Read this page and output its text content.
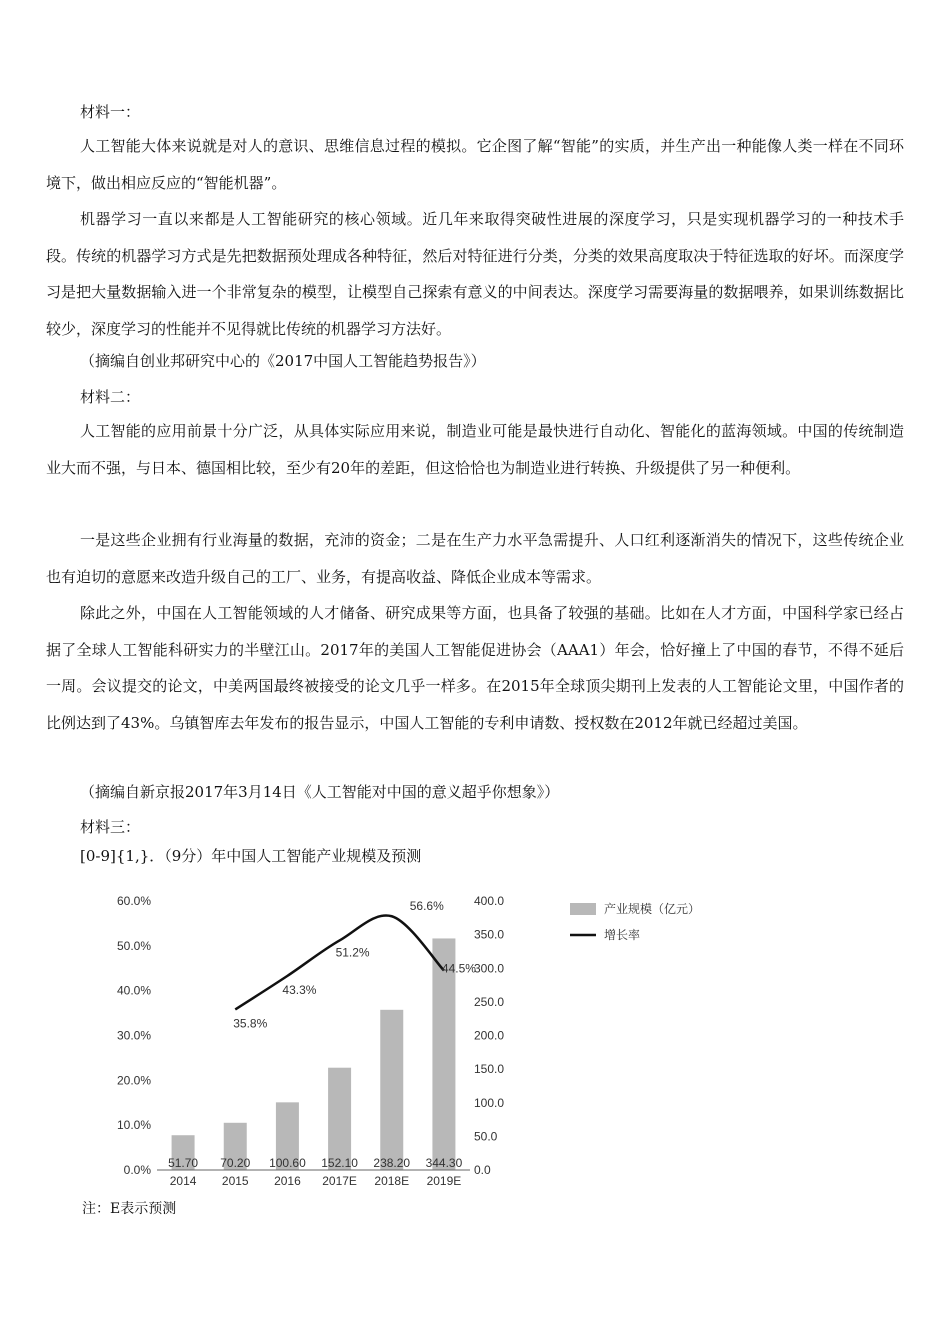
材料一：

人工智能大体来说就是对人的意识、思维信息过程的模拟。它企图了解“智能”的实质，并生产出一种能像人类一样在不同环境下，做出相应反应的“智能机器”。

机器学习一直以来都是人工智能研究的核心领域。近几年来取得突破性进展的深度学习，只是实现机器学习的一种技术手段。传统的机器学习方式是先把数据预处理成各种特征，然后对特征进行分类，分类的效果高度取决于特征选取的好坏。而深度学习是把大量数据输入进一个非常复杂的模型，让模型自己探索有意义的中间表达。深度学习需要海量的数据喂养，如果训练数据比较少，深度学习的性能并不见得就比传统的机器学习方法好。

（摘编自创业邦研究中心的《2017中国人工智能趋势报告》）

材料二：

人工智能的应用前景十分广泛，从具体实际应用来说，制造业可能是最快进行自动化、智能化的蓝海领域。中国的传统制造业大而不强，与日本、德国相比较，至少有20年的差距，但这恰恰也为制造业进行转换、升级提供了另一种便利。

一是这些企业拥有行业海量的数据，充沛的资金；二是在生产力水平急需提升、人口红利逐渐消失的情况下，这些传统企业也有迫切的意愿来改造升级自己的工厂、业务，有提高收益、降低企业成本等需求。

除此之外，中国在人工智能领域的人才储备、研究成果等方面，也具备了较强的基础。比如在人才方面，中国科学家已经占据了全球人工智能科研实力的半壁江山。2017年的美国人工智能促进协会（AAA1）年会，恰好撞上了中国的春节，不得不延后一周。会议提交的论文，中美两国最终被接受的论文几乎一样多。在2015年全球顶尖期刊上发表的人工智能论文里，中国作者的比例达到了43%。乌镇智库去年发布的报告显示，中国人工智能的专利申请数、授权数在2012年就已经超过美国。

（摘编自新京报2017年3月14日《人工智能对中国的意义超乎你想象》）

材料三：

[0-9]{1,}．（9分）年中国人工智能产业规模及预测

0.0%
10.0%
20.0%
30.0%
40.0%
50.0%
60.0%
0.0
50.0
100.0
150.0
200.0
250.0
300.0
350.0
400.0
51.70 70.20 100.60 152.10 238.20 344.30
2014 2015 2016 2017E 2018E 2019E
35.8%
43.3%
51.2%
56.6%
44.5%
产业规模（亿元）
增长率

注：E表示预测
